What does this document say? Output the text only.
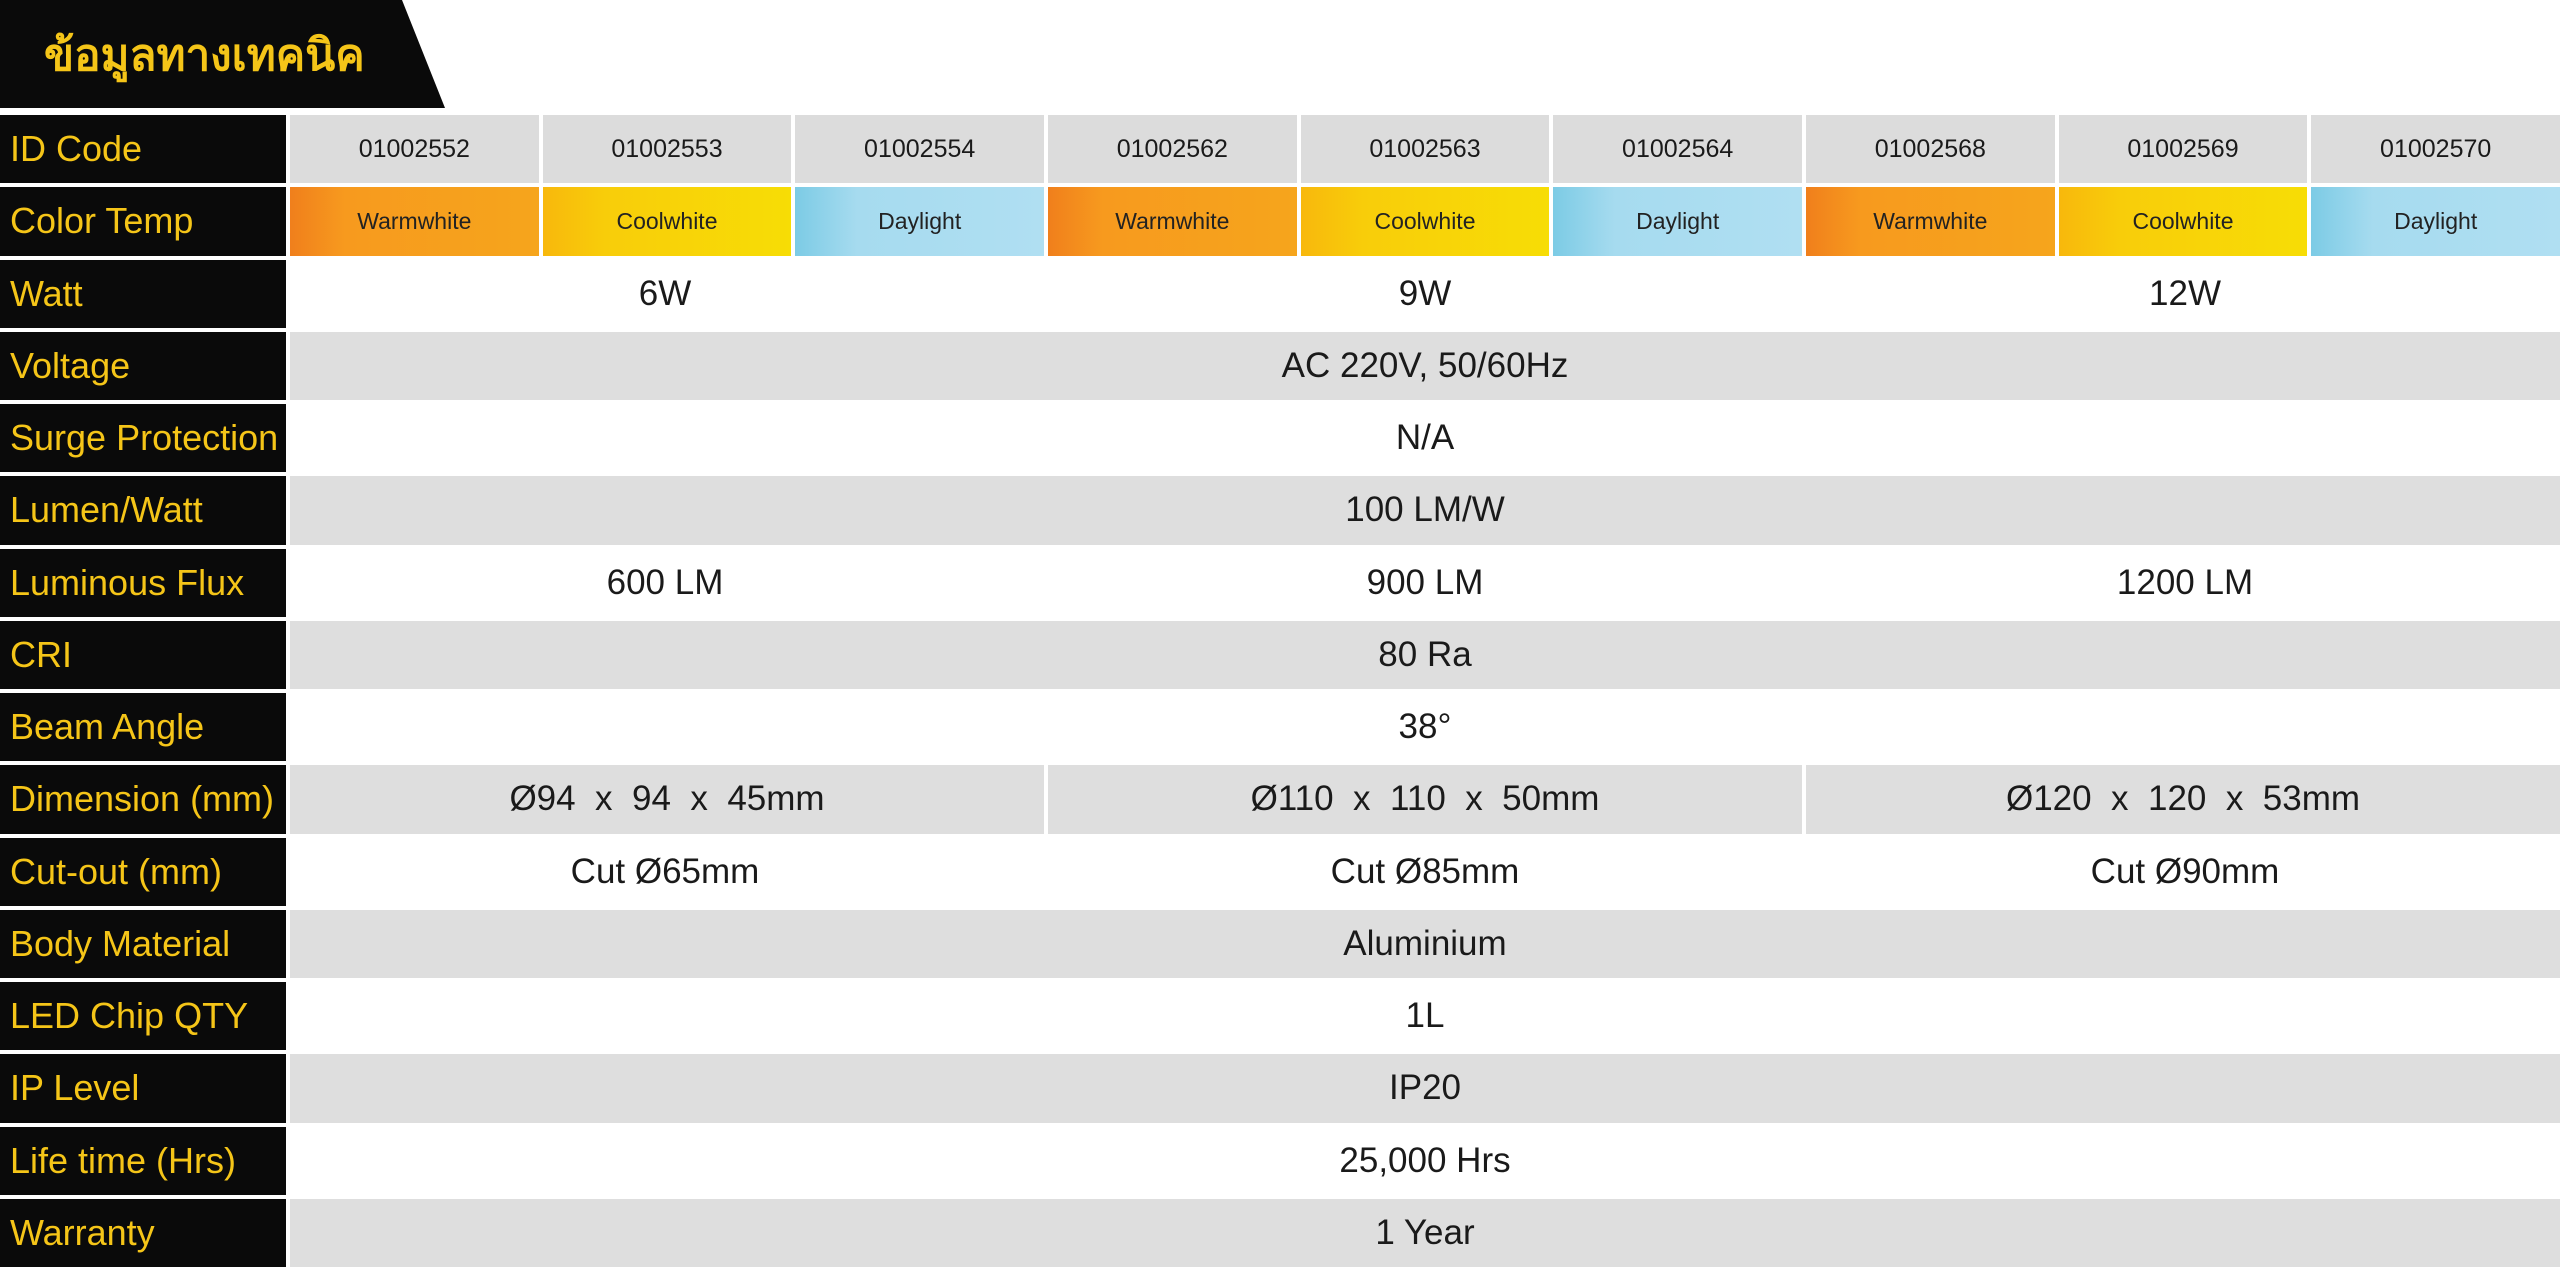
ข้อมูลทางเทคนิค
ID Code	01002552	01002553	01002554	01002562	01002563	01002564	01002568	01002569	01002570
Color Temp	Warmwhite	Coolwhite	Daylight	Warmwhite	Coolwhite	Daylight	Warmwhite	Coolwhite	Daylight
Watt	6W	9W	12W
Voltage	AC 220V, 50/60Hz
Surge Protection	N/A
Lumen/Watt	100 LM/W
Luminous Flux	600 LM	900 LM	1200 LM
CRI	80 Ra
Beam Angle	38°
Dimension (mm)	Ø94  x  94  x  45mm	Ø110  x  110  x  50mm	Ø120  x  120  x  53mm
Cut-out (mm)	Cut Ø65mm	Cut Ø85mm	Cut Ø90mm
Body Material	Aluminium
LED Chip QTY	1L
IP Level	IP20
Life time (Hrs)	25,000 Hrs
Warranty	1 Year
